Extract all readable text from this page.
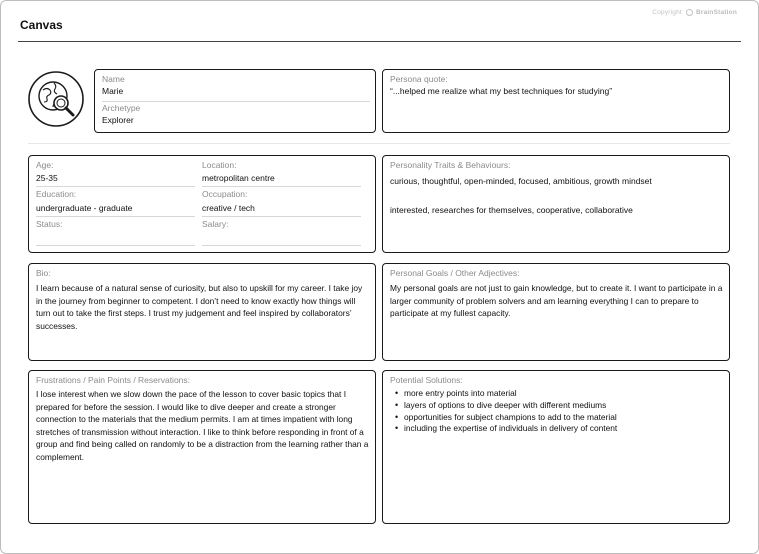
Canvas
Copyright BrainStation
Name
Marie
Archetype
Explorer
Persona quote:
“...helped me realize what my best techniques for studying”
Age:
25-35
Location:
metropolitan centre
Education:
undergraduate - graduate
Occupation:
creative / tech
Status:	Salary:
Personality Traits & Behaviours:
curious, thoughtful, open-minded, focused, ambitious, growth mindset
interested, researches for themselves, cooperative, collaborative
Bio:
I learn because of a natural sense of curiosity, but also to upskill for my career. I take joy in the journey from beginner to competent. I don’t need to know exactly how things will turn out to take the first steps. I trust my judgement and feel inspired by collaborators’ successes.
Personal Goals / Other Adjectives:
My personal goals are not just to gain knowledge, but to create it. I want to participate in a larger community of problem solvers and am learning everything I can to prepare to participate at my fullest capacity.
Frustrations / Pain Points / Reservations:
I lose interest when we slow down the pace of the lesson to cover basic topics that I prepared for before the session. I would like to dive deeper and create a stronger connection to the materials that the medium permits. I am at times impatient with long stretches of transmission without interaction. I like to think before responding in front of a group and find being called on randomly to be a distraction from the learning rather than a complement.
Potential Solutions:
• more entry points into material
• layers of options to dive deeper with different mediums
• opportunities for subject champions to add to the material
• including the expertise of individuals in delivery of content
